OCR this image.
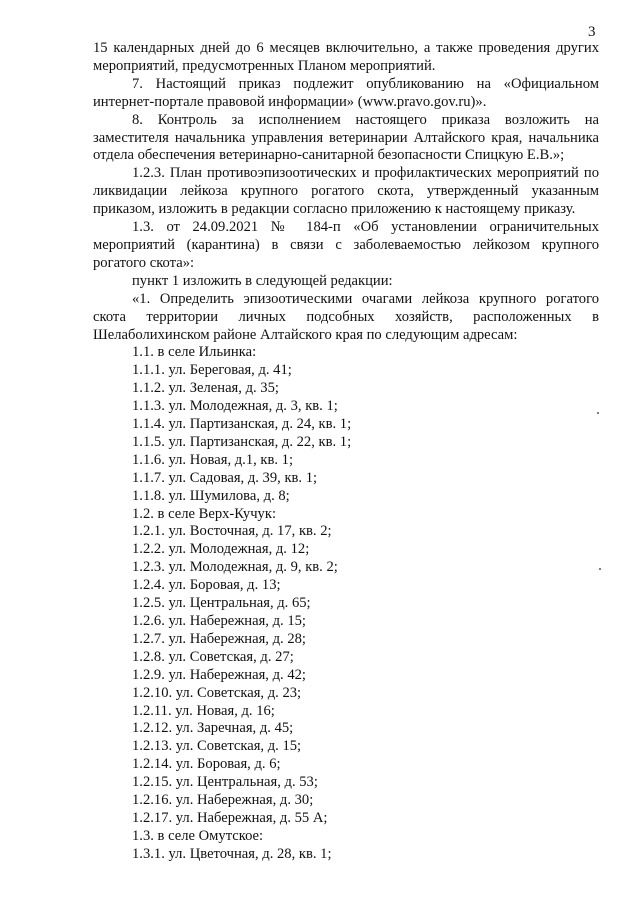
3

15 календарных дней до 6 месяцев включительно, а также проведения других мероприятий, предусмотренных Планом мероприятий.

7. Настоящий приказ подлежит опубликованию на «Официальном интернет-портале правовой информации» (www.pravo.gov.ru)».

8. Контроль за исполнением настоящего приказа возложить на заместителя начальника управления ветеринарии Алтайского края, начальника отдела обеспечения ветеринарно-санитарной безопасности Спицкую Е.В.»;

1.2.3. План противоэпизоотических и профилактических мероприятий по ликвидации лейкоза крупного рогатого скота, утвержденный указанным приказом, изложить в редакции согласно приложению к настоящему приказу.

1.3. от 24.09.2021 № 184-п «Об установлении ограничительных мероприятий (карантина) в связи с заболеваемостью лейкозом крупного рогатого скота»:

пункт 1 изложить в следующей редакции:

«1. Определить эпизоотическими очагами лейкоза крупного рогатого скота территории личных подсобных хозяйств, расположенных в Шелаболихинском районе Алтайского края по следующим адресам:

1.1. в селе Ильинка:

1.1.1. ул. Береговая, д. 41;

1.1.2. ул. Зеленая, д. 35;

1.1.3. ул. Молодежная, д. 3, кв. 1;

1.1.4. ул. Партизанская, д. 24, кв. 1;

1.1.5. ул. Партизанская, д. 22, кв. 1;

1.1.6. ул. Новая, д.1, кв. 1;

1.1.7. ул. Садовая, д. 39, кв. 1;

1.1.8. ул. Шумилова, д. 8;

1.2. в селе Верх-Кучук:

1.2.1. ул. Восточная, д. 17, кв. 2;

1.2.2. ул. Молодежная, д. 12;

1.2.3. ул. Молодежная, д. 9, кв. 2;

1.2.4. ул. Боровая, д. 13;

1.2.5. ул. Центральная, д. 65;

1.2.6. ул. Набережная, д. 15;

1.2.7. ул. Набережная, д. 28;

1.2.8. ул. Советская, д. 27;

1.2.9. ул. Набережная, д. 42;

1.2.10. ул. Советская, д. 23;

1.2.11. ул. Новая, д. 16;

1.2.12. ул. Заречная, д. 45;

1.2.13. ул. Советская, д. 15;

1.2.14. ул. Боровая, д. 6;

1.2.15. ул. Центральная, д. 53;

1.2.16. ул. Набережная, д. 30;

1.2.17. ул. Набережная, д. 55 А;

1.3. в селе Омутское:

1.3.1. ул. Цветочная, д. 28, кв. 1;
